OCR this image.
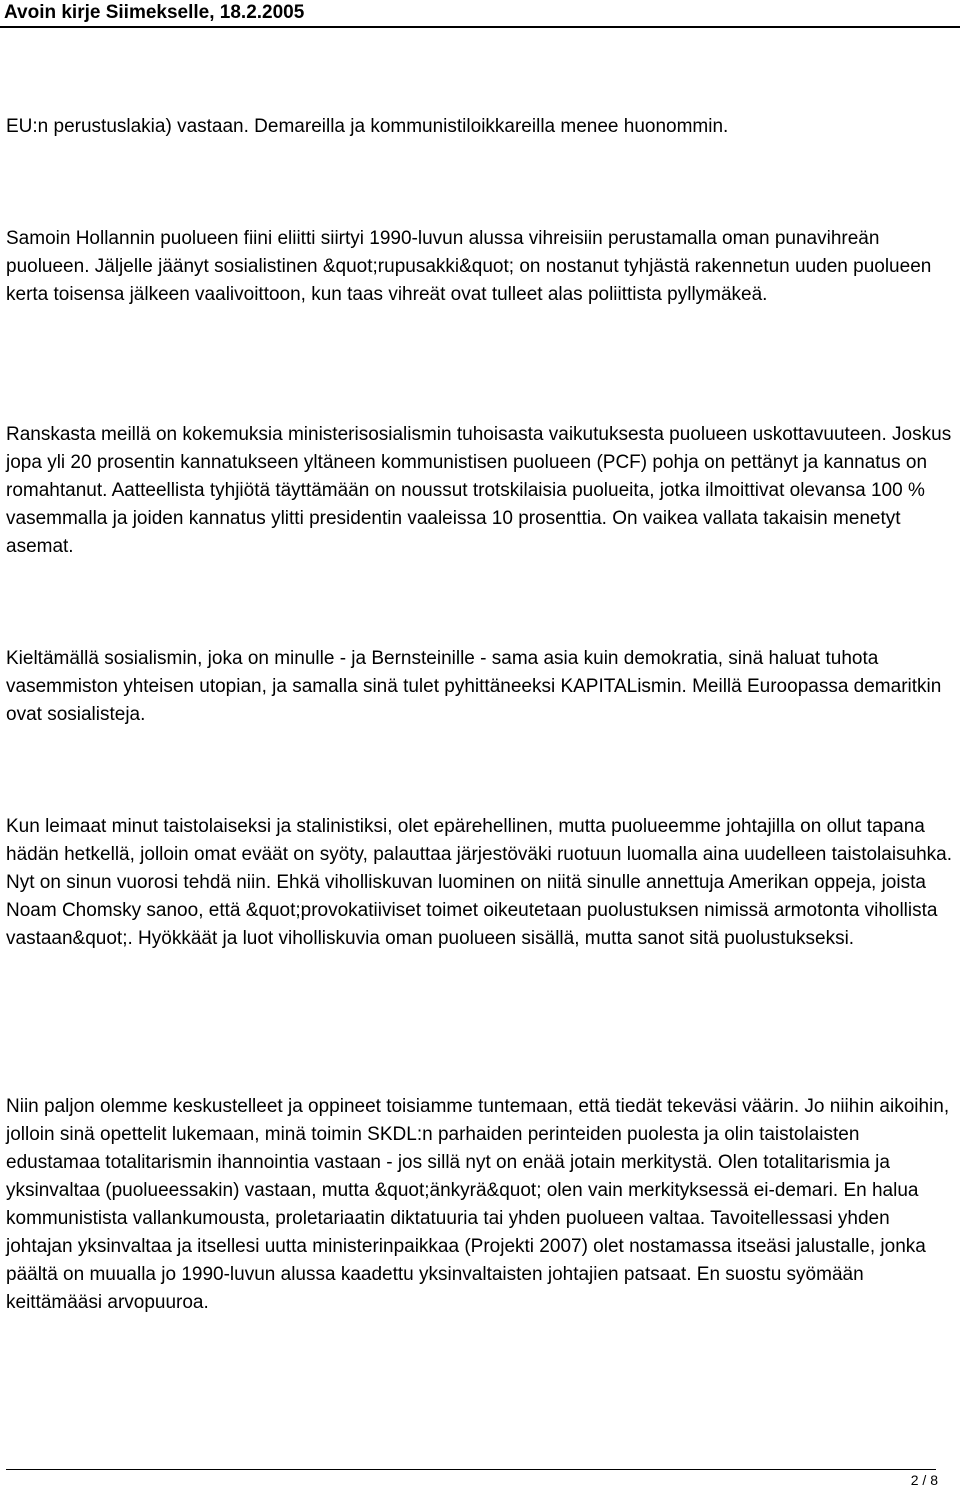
Avoin kirje Siimekselle, 18.2.2005

EU:n perustuslakia) vastaan. Demareilla ja kommunistiloikkareilla menee huonommin.

Samoin Hollannin puolueen fiini eliitti siirtyi 1990-luvun alussa vihreisiin perustamalla oman punavihreän puolueen. Jäljelle jäänyt sosialistinen &quot;rupusakki&quot; on nostanut tyhjästä rakennetun uuden puolueen kerta toisensa jälkeen vaalivoittoon, kun taas vihreät ovat tulleet alas poliittista pyllymäkeä.

Ranskasta meillä on kokemuksia ministerisosialismin tuhoisasta vaikutuksesta puolueen uskottavuuteen. Joskus jopa yli 20 prosentin kannatukseen yltäneen kommunistisen puolueen (PCF) pohja on pettänyt ja kannatus on romahtanut. Aatteellista tyhjiötä täyttämään on noussut trotskilaisia puolueita, jotka ilmoittivat olevansa 100 % vasemmalla ja joiden kannatus ylitti presidentin vaaleissa 10 prosenttia. On vaikea vallata takaisin menetyt asemat.

Kieltämällä sosialismin, joka on minulle - ja Bernsteinille - sama asia kuin demokratia, sinä haluat tuhota vasemmiston yhteisen utopian, ja samalla sinä tulet pyhittäneeksi KAPITALismin. Meillä Euroopassa demaritkin ovat sosialisteja.

Kun leimaat minut taistolaiseksi ja stalinistiksi, olet epärehellinen, mutta puolueemme johtajilla on ollut tapana hädän hetkellä, jolloin omat eväät on syöty, palauttaa järjestöväki ruotuun luomalla aina uudelleen taistolaisuhka. Nyt on sinun vuorosi tehdä niin. Ehkä viholliskuvan luominen on niitä sinulle annettuja Amerikan oppeja, joista Noam Chomsky sanoo, että &quot;provokatiiviset toimet oikeutetaan puolustuksen nimissä armotonta vihollista vastaan&quot;. Hyökkäät ja luot viholliskuvia oman puolueen sisällä, mutta sanot sitä puolustukseksi.

Niin paljon olemme keskustelleet ja oppineet toisiamme tuntemaan, että tiedät tekeväsi väärin. Jo niihin aikoihin, jolloin sinä opettelit lukemaan, minä toimin SKDL:n parhaiden perinteiden puolesta ja olin taistolaisten edustamaa totalitarismin ihannointia vastaan - jos sillä nyt on enää jotain merkitystä. Olen totalitarismia ja yksinvaltaa (puolueessakin) vastaan, mutta &quot;änkyrä&quot; olen vain merkityksessä ei-demari. En halua kommunistista vallankumousta, proletariaatin diktatuuria tai yhden puolueen valtaa. Tavoitellessasi yhden johtajan yksinvaltaa ja itsellesi uutta ministerinpaikkaa (Projekti 2007) olet nostamassa itseäsi jalustalle, jonka päältä on muualla jo 1990-luvun alussa kaadettu yksinvaltaisten johtajien patsaat. En suostu syömään keittämääsi arvopuuroa.

2 / 8
